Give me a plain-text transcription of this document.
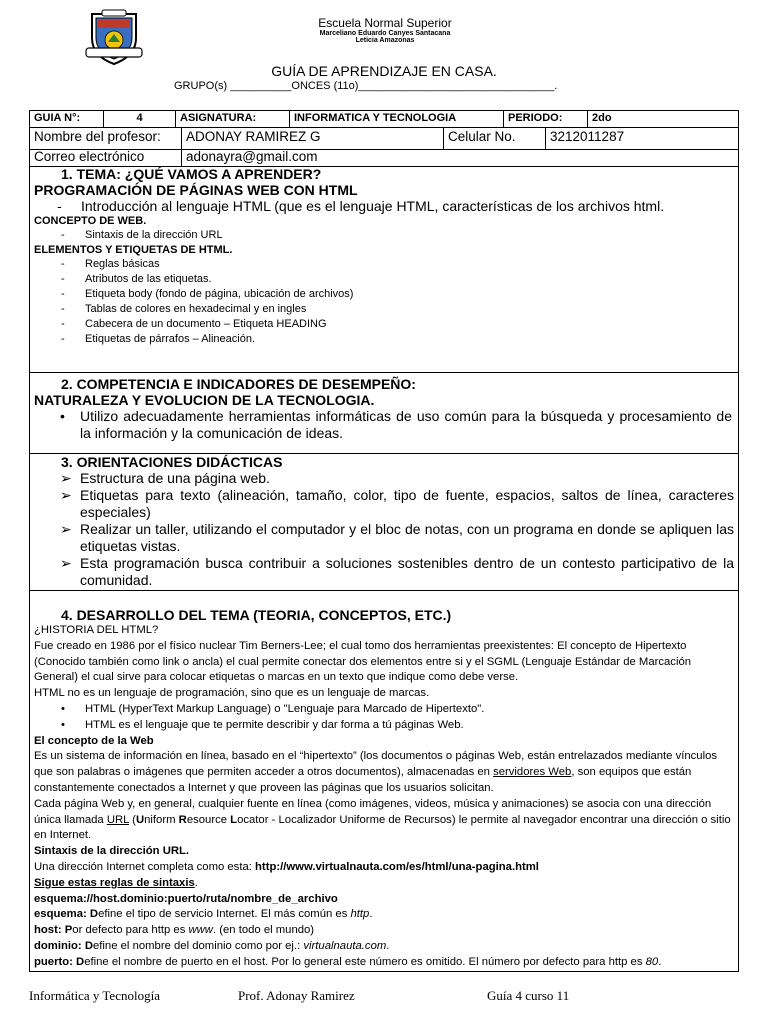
Escuela Normal Superior
Marceliano Eduardo Canyes Santacana
Leticia Amazonas
GUÍA DE APRENDIZAJE EN CASA.
GRUPO(s) __________ONCES (11o)________________________________.
GUIA N°:	4	ASIGNATURA:	INFORMATICA Y TECNOLOGIA	PERIODO:	2do
Nombre del profesor:	ADONAY RAMIREZ G	Celular No.	3212011287
Correo electrónico	adonayra@gmail.com
1. TEMA: ¿QUÉ VAMOS A APRENDER?
PROGRAMACIÓN DE PÁGINAS WEB CON HTML
- Introducción al lenguaje HTML (que es el lenguaje HTML, características de los archivos html.
CONCEPTO DE WEB.
- Sintaxis de la dirección URL
ELEMENTOS Y ETIQUETAS DE HTML.
- Reglas básicas
- Atributos de las etiquetas.
- Etiqueta body (fondo de página, ubicación de archivos)
- Tablas de colores en hexadecimal y en ingles
- Cabecera de un documento – Etiqueta HEADING
- Etiquetas de párrafos – Alineación.
2. COMPETENCIA E INDICADORES DE DESEMPEÑO:
NATURALEZA Y EVOLUCION DE LA TECNOLOGIA.
• Utilizo adecuadamente herramientas informáticas de uso común para la búsqueda y procesamiento de la información y la comunicación de ideas.
3. ORIENTACIONES DIDÁCTICAS
➢ Estructura de una página web.
➢ Etiquetas para texto (alineación, tamaño, color, tipo de fuente, espacios, saltos de línea, caracteres especiales)
➢ Realizar un taller, utilizando el computador y el bloc de notas, con un programa en donde se apliquen las etiquetas vistas.
➢ Esta programación busca contribuir a soluciones sostenibles dentro de un contesto participativo de la comunidad.
4. DESARROLLO DEL TEMA (TEORIA, CONCEPTOS, ETC.)
¿HISTORIA DEL HTML?
Fue creado en 1986 por el físico nuclear Tim Berners-Lee; el cual tomo dos herramientas preexistentes: El concepto de Hipertexto (Conocido también como link o ancla) el cual permite conectar dos elementos entre si y el SGML (Lenguaje Estándar de Marcación General) el cual sirve para colocar etiquetas o marcas en un texto que indique como debe verse.
HTML no es un lenguaje de programación, sino que es un lenguaje de marcas.
• HTML (HyperText Markup Language) o "Lenguaje para Marcado de Hipertexto".
• HTML es el lenguaje que te permite describir y dar forma a tú páginas Web.
El concepto de la Web
Es un sistema de información en línea, basado en el “hipertexto” (los documentos o páginas Web, están entrelazados mediante vínculos que son palabras o imágenes que permiten acceder a otros documentos), almacenadas en servidores Web, son equipos que están constantemente conectados a Internet y que proveen las páginas que los usuarios solicitan.
Cada página Web y, en general, cualquier fuente en línea (como imágenes, videos, música y animaciones) se asocia con una dirección única llamada URL (Uniform Resource Locator - Localizador Uniforme de Recursos) le permite al navegador encontrar una dirección o sitio en Internet.
Sintaxis de la dirección URL.
Una dirección Internet completa como esta: http://www.virtualnauta.com/es/html/una-pagina.html
Sigue estas reglas de sintaxis.
esquema://host.dominio:puerto/ruta/nombre_de_archivo
esquema: Define el tipo de servicio Internet. El más común es http.
host: Por defecto para http es www. (en todo el mundo)
dominio: Define el nombre del dominio como por ej.: virtualnauta.com.
puerto: Define el nombre de puerto en el host. Por lo general este número es omitido. El número por defecto para http es 80.
Informática y Tecnología	Prof. Adonay Ramirez	Guía 4 curso 11
